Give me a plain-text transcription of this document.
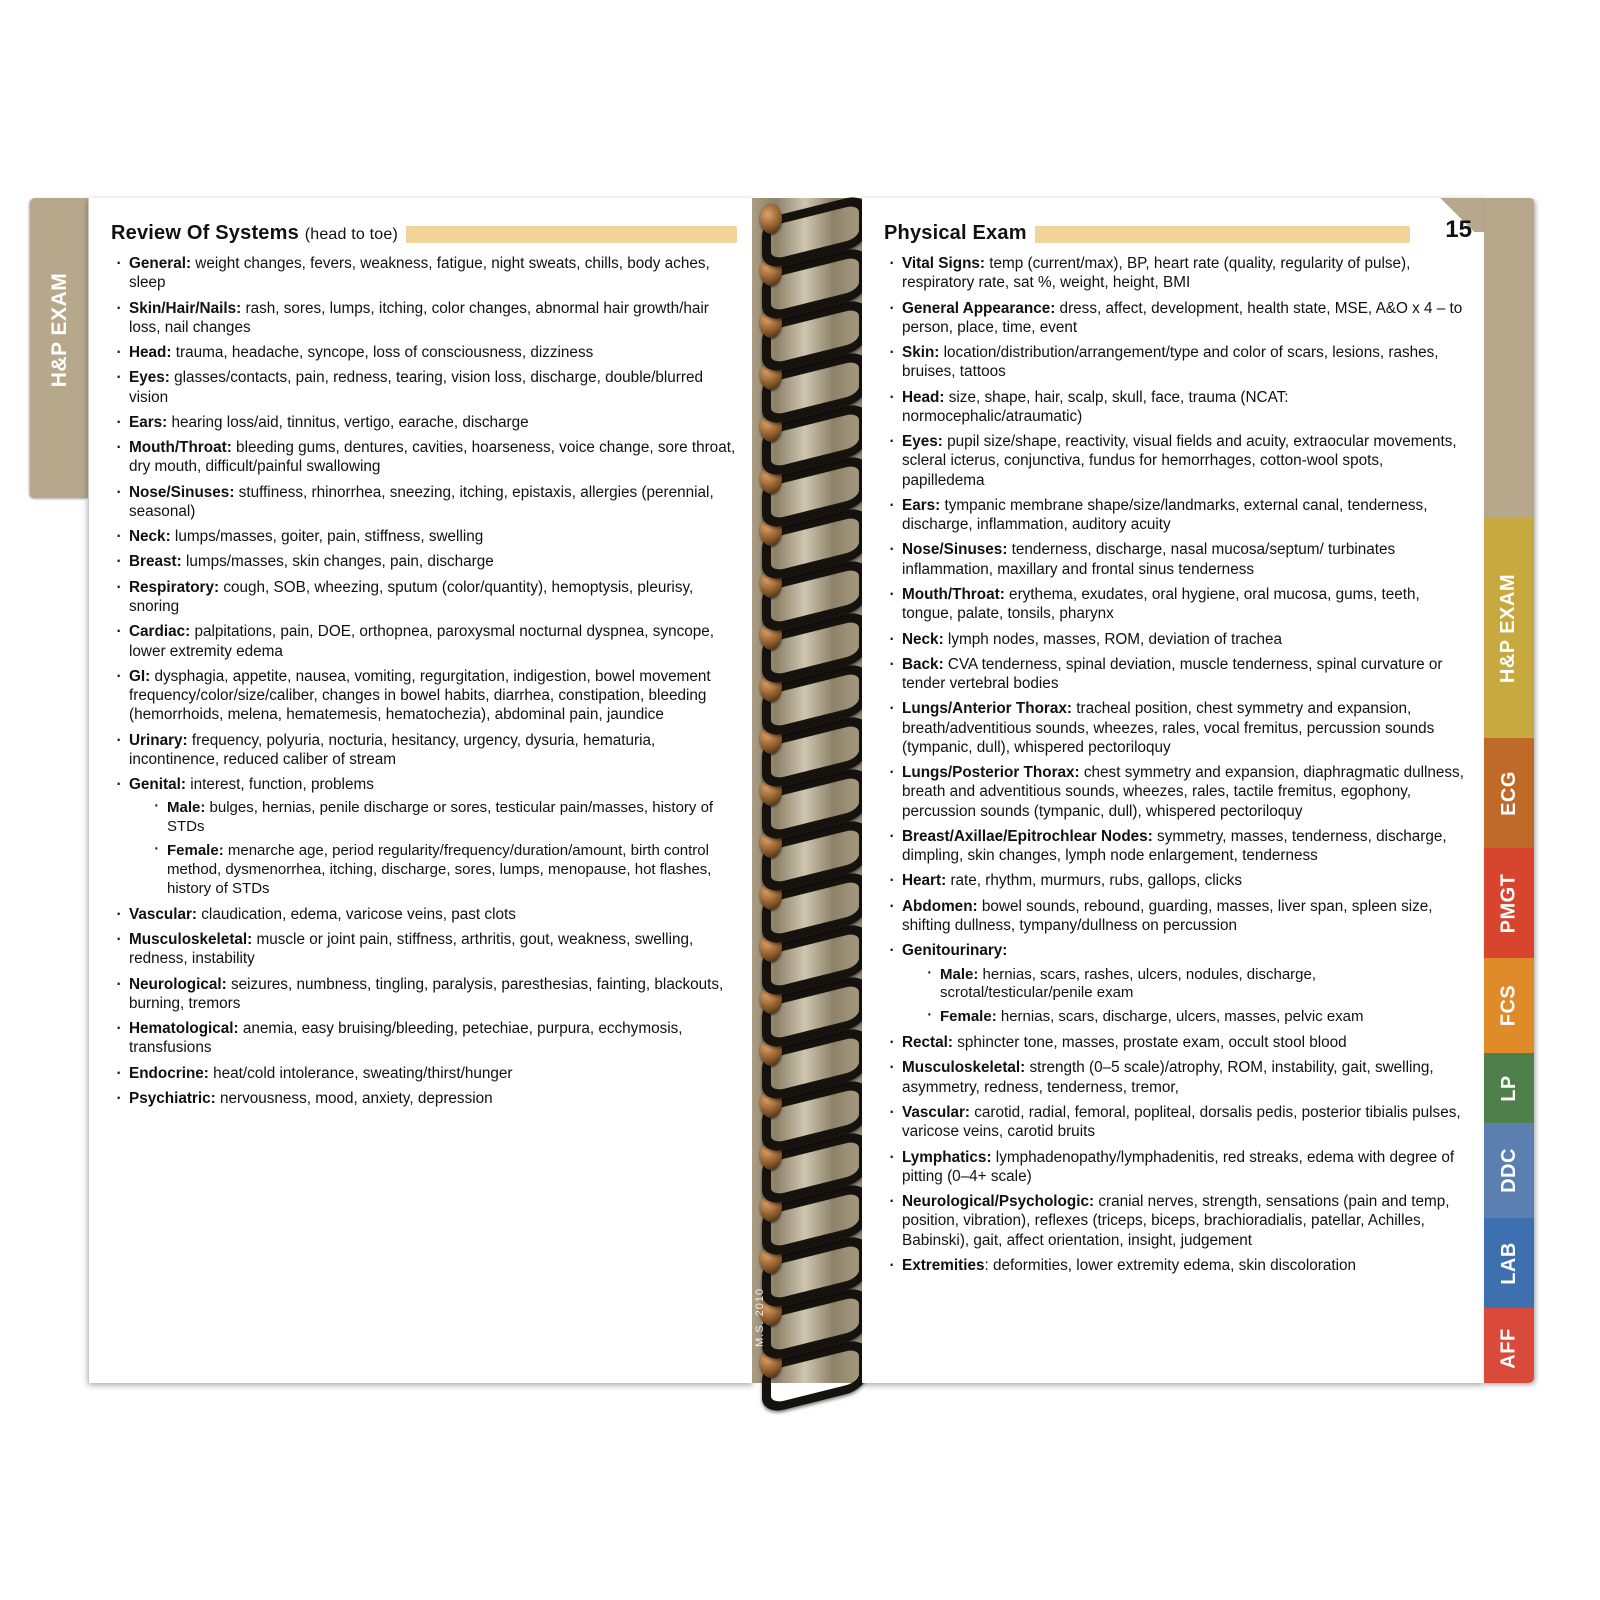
H&P EXAM
Review Of Systems (head to toe)
· General: weight changes, fevers, weakness, fatigue, night sweats, chills, body aches, sleep
· Skin/Hair/Nails: rash, sores, lumps, itching, color changes, abnormal hair growth/hair loss, nail changes
· Head: trauma, headache, syncope, loss of consciousness, dizziness
· Eyes: glasses/contacts, pain, redness, tearing, vision loss, discharge, double/blurred vision
· Ears: hearing loss/aid, tinnitus, vertigo, earache, discharge
· Mouth/Throat: bleeding gums, dentures, cavities, hoarseness, voice change, sore throat, dry mouth, difficult/painful swallowing
· Nose/Sinuses: stuffiness, rhinorrhea, sneezing, itching, epistaxis, allergies (perennial, seasonal)
· Neck: lumps/masses, goiter, pain, stiffness, swelling
· Breast: lumps/masses, skin changes, pain, discharge
· Respiratory: cough, SOB, wheezing, sputum (color/quantity), hemoptysis, pleurisy, snoring
· Cardiac: palpitations, pain, DOE, orthopnea, paroxysmal nocturnal dyspnea, syncope, lower extremity edema
· GI: dysphagia, appetite, nausea, vomiting, regurgitation, indigestion, bowel movement frequency/color/size/caliber, changes in bowel habits, diarrhea, constipation, bleeding (hemorrhoids, melena, hematemesis, hematochezia), abdominal pain, jaundice
· Urinary: frequency, polyuria, nocturia, hesitancy, urgency, dysuria, hematuria, incontinence, reduced caliber of stream
· Genital: interest, function, problems
· Male: bulges, hernias, penile discharge or sores, testicular pain/masses, history of STDs
· Female: menarche age, period regularity/frequency/duration/amount, birth control method, dysmenorrhea, itching, discharge, sores, lumps, menopause, hot flashes, history of STDs
· Vascular: claudication, edema, varicose veins, past clots
· Musculoskeletal: muscle or joint pain, stiffness, arthritis, gout, weakness, swelling, redness, instability
· Neurological: seizures, numbness, tingling, paralysis, paresthesias, fainting, blackouts, burning, tremors
· Hematological: anemia, easy bruising/bleeding, petechiae, purpura, ecchymosis, transfusions
· Endocrine: heat/cold intolerance, sweating/thirst/hunger
· Psychiatric: nervousness, mood, anxiety, depression
M.S. 2010
15
Physical Exam
· Vital Signs: temp (current/max), BP, heart rate (quality, regularity of pulse), respiratory rate, sat %, weight, height, BMI
· General Appearance: dress, affect, development, health state, MSE, A&O x 4 – to person, place, time, event
· Skin: location/distribution/arrangement/type and color of scars, lesions, rashes, bruises, tattoos
· Head: size, shape, hair, scalp, skull, face, trauma (NCAT: normocephalic/atraumatic)
· Eyes: pupil size/shape, reactivity, visual fields and acuity, extraocular movements, scleral icterus, conjunctiva, fundus for hemorrhages, cotton-wool spots, papilledema
· Ears: tympanic membrane shape/size/landmarks, external canal, tenderness, discharge, inflammation, auditory acuity
· Nose/Sinuses: tenderness, discharge, nasal mucosa/septum/ turbinates inflammation, maxillary and frontal sinus tenderness
· Mouth/Throat: erythema, exudates, oral hygiene, oral mucosa, gums, teeth, tongue, palate, tonsils, pharynx
· Neck: lymph nodes, masses, ROM, deviation of trachea
· Back: CVA tenderness, spinal deviation, muscle tenderness, spinal curvature or tender vertebral bodies
· Lungs/Anterior Thorax: tracheal position, chest symmetry and expansion, breath/adventitious sounds, wheezes, rales, vocal fremitus, percussion sounds (tympanic, dull), whispered pectoriloquy
· Lungs/Posterior Thorax: chest symmetry and expansion, diaphragmatic dullness, breath and adventitious sounds, wheezes, rales, tactile fremitus, egophony, percussion sounds (tympanic, dull), whispered pectoriloquy
· Breast/Axillae/Epitrochlear Nodes: symmetry, masses, tenderness, discharge, dimpling, skin changes, lymph node enlargement, tenderness
· Heart: rate, rhythm, murmurs, rubs, gallops, clicks
· Abdomen: bowel sounds, rebound, guarding, masses, liver span, spleen size, shifting dullness, tympany/dullness on percussion
· Genitourinary:
· Male: hernias, scars, rashes, ulcers, nodules, discharge, scrotal/testicular/penile exam
· Female: hernias, scars, discharge, ulcers, masses, pelvic exam
· Rectal: sphincter tone, masses, prostate exam, occult stool blood
· Musculoskeletal: strength (0–5 scale)/atrophy, ROM, instability, gait, swelling, asymmetry, redness, tenderness, tremor,
· Vascular: carotid, radial, femoral, popliteal, dorsalis pedis, posterior tibialis pulses, varicose veins, carotid bruits
· Lymphatics: lymphadenopathy/lymphadenitis, red streaks, edema with degree of pitting (0–4+ scale)
· Neurological/Psychologic: cranial nerves, strength, sensations (pain and temp, position, vibration), reflexes (triceps, biceps, brachioradialis, patellar, Achilles, Babinski), gait, affect orientation, insight, judgement
· Extremities: deformities, lower extremity edema, skin discoloration
H&P EXAM
ECG
PMGT
FCS
LP
DDC
LAB
AFF
